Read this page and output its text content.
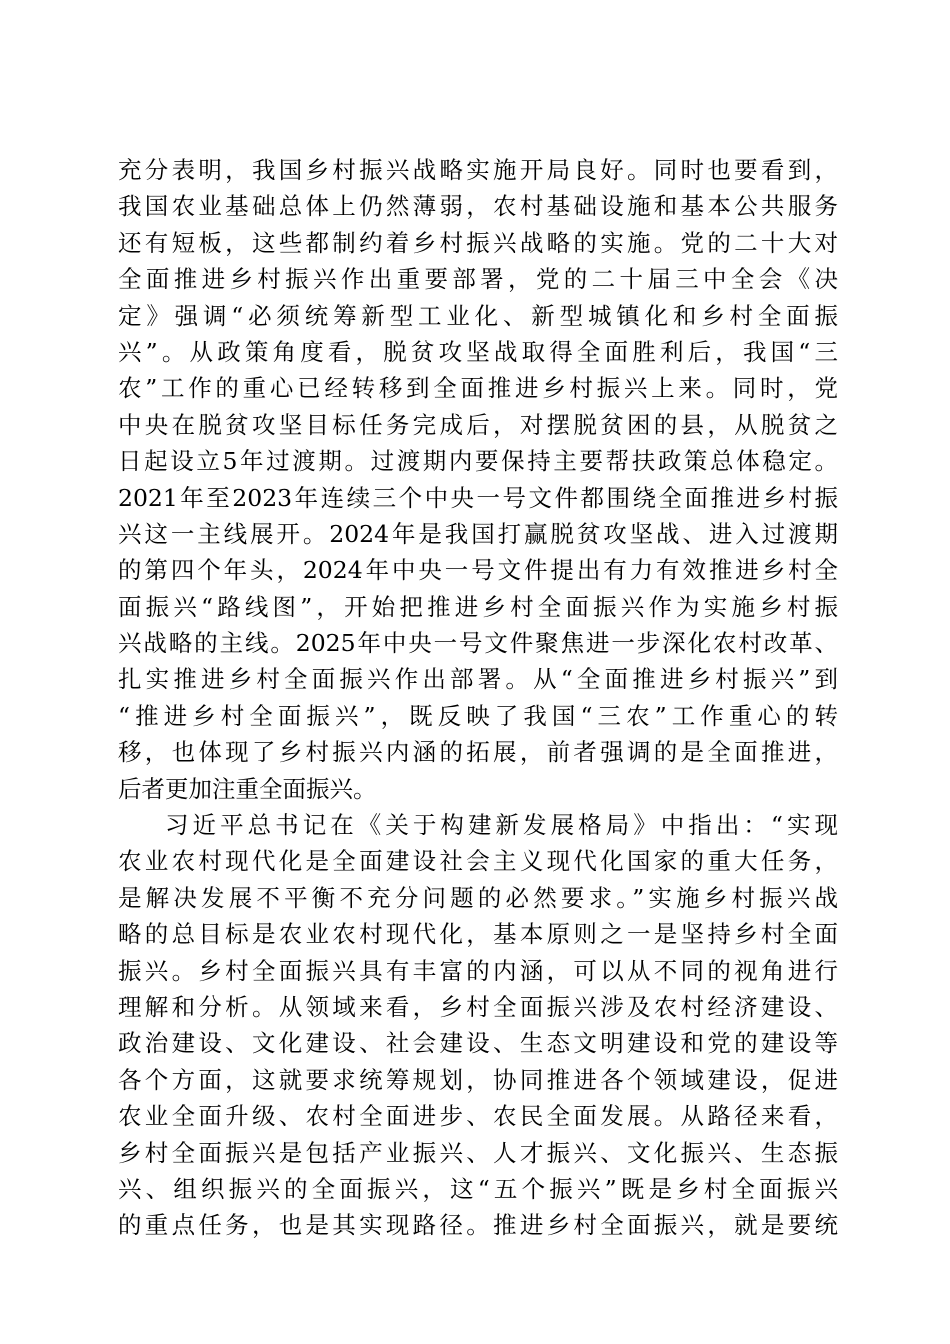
充分表明，我国乡村振兴战略实施开局良好。同时也要看到，
我国农业基础总体上仍然薄弱，农村基础设施和基本公共服务
还有短板，这些都制约着乡村振兴战略的实施。党的二十大对
全面推进乡村振兴作出重要部署，党的二十届三中全会《决
定》强调“必须统筹新型工业化、新型城镇化和乡村全面振
兴”。从政策角度看，脱贫攻坚战取得全面胜利后，我国“三
农”工作的重心已经转移到全面推进乡村振兴上来。同时，党
中央在脱贫攻坚目标任务完成后，对摆脱贫困的县，从脱贫之
日起设立5年过渡期。过渡期内要保持主要帮扶政策总体稳定。
2021年至2023年连续三个中央一号文件都围绕全面推进乡村振
兴这一主线展开。2024年是我国打赢脱贫攻坚战、进入过渡期
的第四个年头，2024年中央一号文件提出有力有效推进乡村全
面振兴“路线图”，开始把推进乡村全面振兴作为实施乡村振
兴战略的主线。2025年中央一号文件聚焦进一步深化农村改革、
扎实推进乡村全面振兴作出部署。从“全面推进乡村振兴”到
“推进乡村全面振兴”，既反映了我国“三农”工作重心的转
移，也体现了乡村振兴内涵的拓展，前者强调的是全面推进，
后者更加注重全面振兴。
习近平总书记在《关于构建新发展格局》中指出：“实现
农业农村现代化是全面建设社会主义现代化国家的重大任务，
是解决发展不平衡不充分问题的必然要求。”实施乡村振兴战
略的总目标是农业农村现代化，基本原则之一是坚持乡村全面
振兴。乡村全面振兴具有丰富的内涵，可以从不同的视角进行
理解和分析。从领域来看，乡村全面振兴涉及农村经济建设、
政治建设、文化建设、社会建设、生态文明建设和党的建设等
各个方面，这就要求统筹规划，协同推进各个领域建设，促进
农业全面升级、农村全面进步、农民全面发展。从路径来看，
乡村全面振兴是包括产业振兴、人才振兴、文化振兴、生态振
兴、组织振兴的全面振兴，这“五个振兴”既是乡村全面振兴
的重点任务，也是其实现路径。推进乡村全面振兴，就是要统
